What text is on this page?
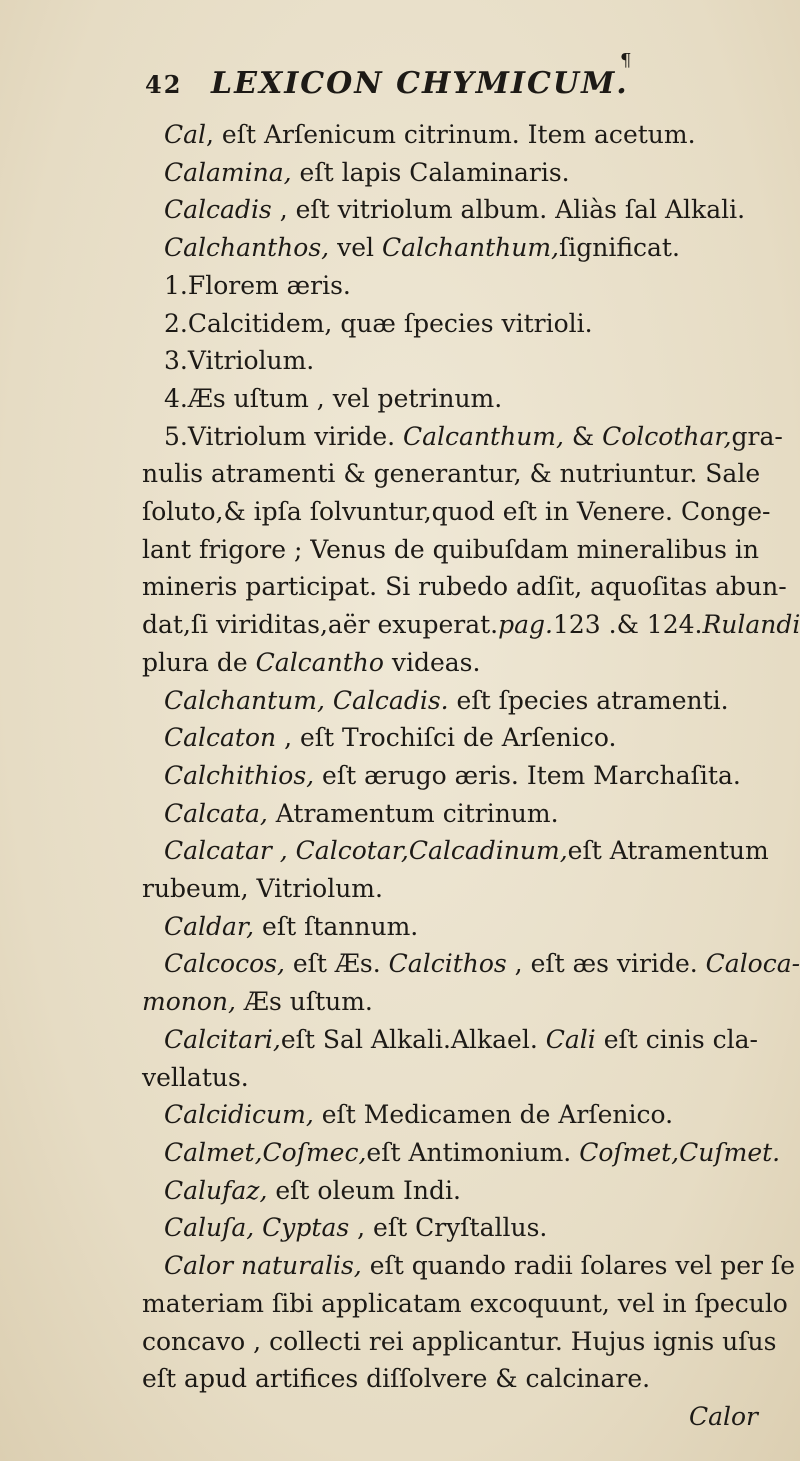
¶
42 LEXICON CHYMICUM.
Cal, eſt Arſenicum citrinum. Item acetum.
Calamina, eſt lapis Calaminaris.
Calcadis , eſt vitriolum album. Aliàs ſal Alkali.
Calchanthos, vel Calchanthum,ſignificat.
1.Florem æris.
2.Calcitidem, quæ ſpecies vitrioli.
3.Vitriolum.
4.Æs uſtum , vel petrinum.
5.Vitriolum viride. Calcanthum, & Colcothar,gra-
nulis atramenti & generantur, & nutriuntur. Sale
ſoluto,& ipſa ſolvuntur,quod eſt in Venere. Conge-
lant frigore ; Venus de quibuſdam mineralibus in
mineris participat. Si rubedo adſit, aquoſitas abun-
dat,ſi viriditas,aër exuperat.pag.123 .& 124.Rulandi
plura de Calcantho videas.
Calchantum, Calcadis. eſt ſpecies atramenti.
Calcaton , eſt Trochiſci de Arſenico.
Calchithios, eſt ærugo æris. Item Marchaſita.
Calcata, Atramentum citrinum.
Calcatar , Calcotar,Calcadinum,eſt Atramentum
rubeum, Vitriolum.
Caldar, eſt ſtannum.
Calcocos, eſt Æs. Calcithos , eſt æs viride. Caloca-
monon, Æs uſtum.
Calcitari,eſt Sal Alkali.Alkael. Cali eſt cinis cla-
vellatus.
Calcidicum, eſt Medicamen de Arſenico.
Calmet,Coſmec,eſt Antimonium. Coſmet,Cuſmet.
Calufaz, eſt oleum Indi.
Caluſa, Cyptas , eſt Cryſtallus.
Calor naturalis, eſt quando radii ſolares vel per ſe
materiam ſibi applicatam excoquunt, vel in ſpeculo
concavo , collecti rei applicantur. Hujus ignis uſus
eſt apud artifices diſſolvere & calcinare.
Calor
